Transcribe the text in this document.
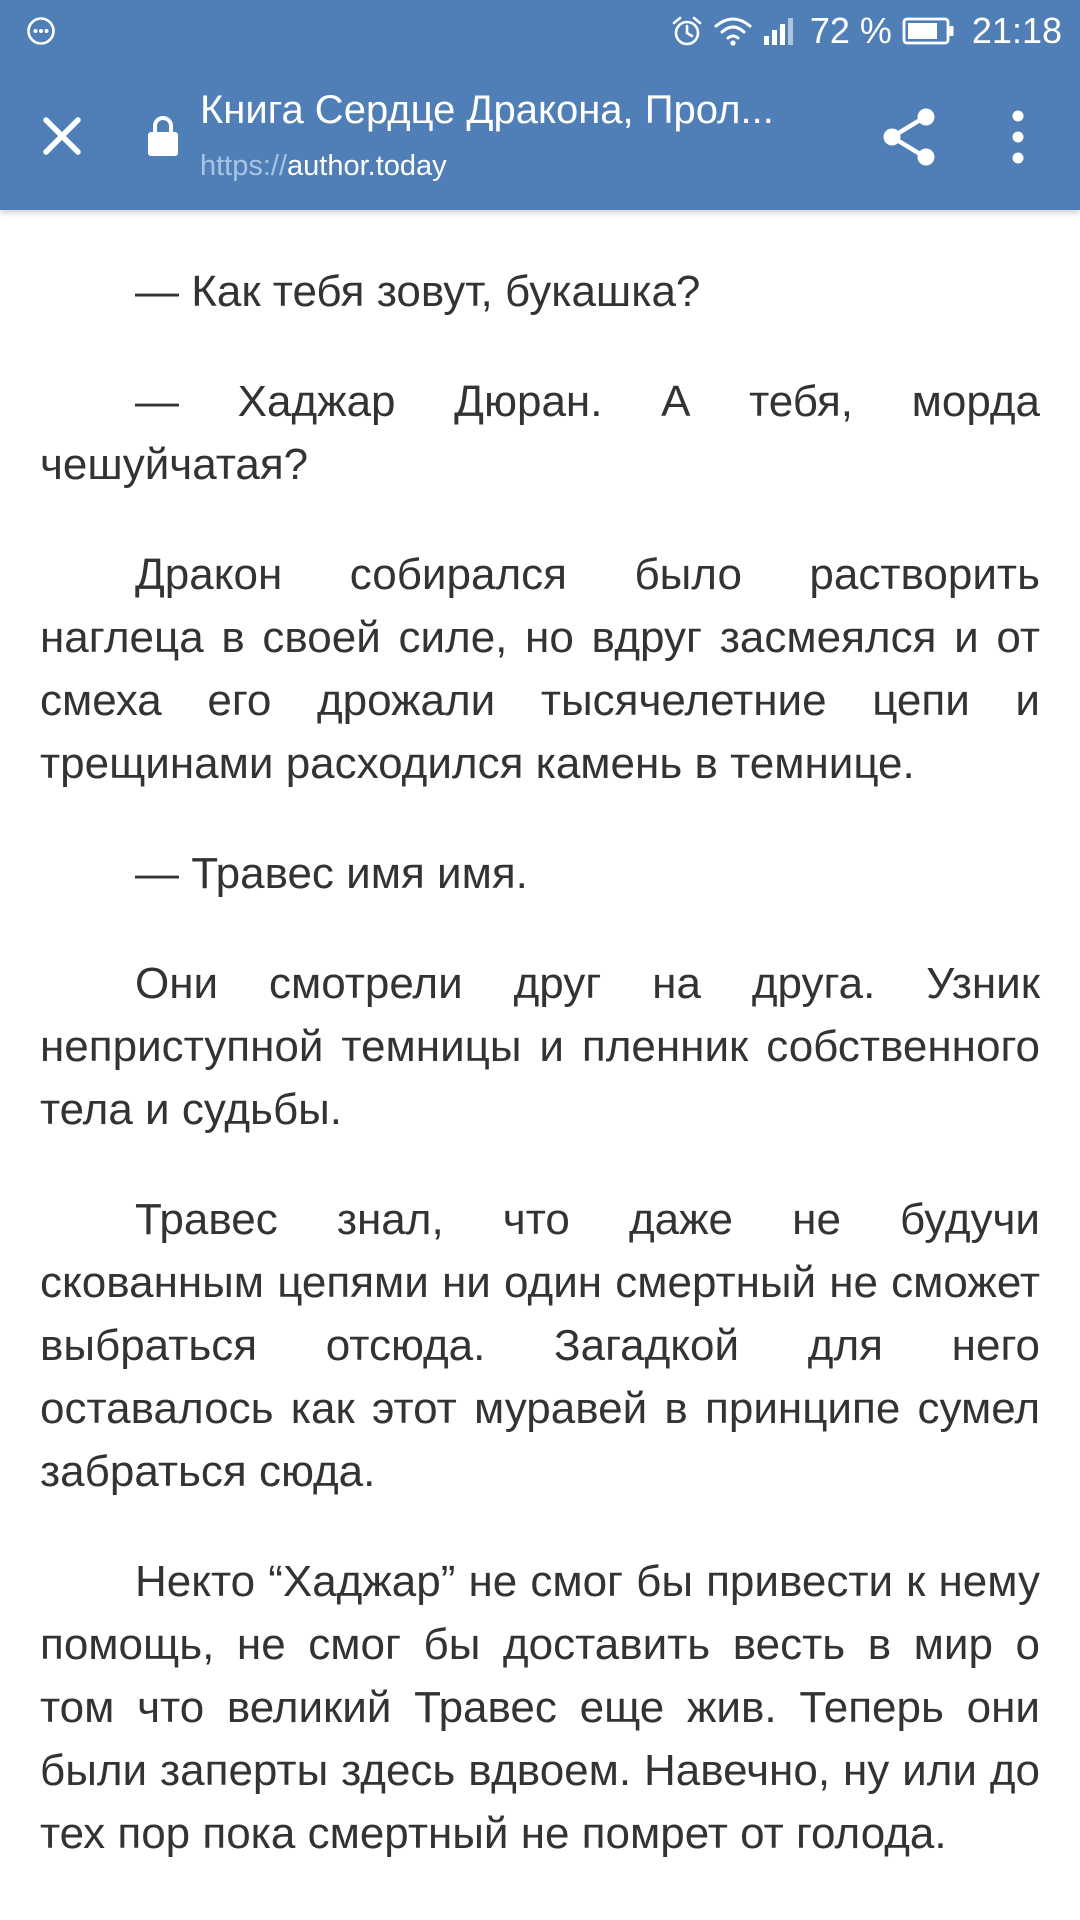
— Как тебя зовут, букашка?

— Хаджар Дюран. А тебя, морда чешуйчатая?

Дракон собирался было растворить наглеца в своей силе, но вдруг засмеялся и от смеха его дрожали тысячелетние цепи и трещинами расходился камень в темнице.

— Травес имя имя.

Они смотрели друг на друга. Узник неприступной темницы и пленник собственного тела и судьбы.

Травес знал, что даже не будучи скованным цепями ни один смертный не сможет выбраться отсюда. Загадкой для него оставалось как этот муравей в принципе сумел забраться сюда.

Некто “Хаджар” не смог бы привести к нему помощь, не смог бы доставить весть в мир о том что великий Травес еще жив. Теперь они были заперты здесь вдвоем. Навечно, ну или до тех пор пока смертный не помрет от голода.

72 % 21:18
Книга Сердце Дракона, Прол...
https://author.today
